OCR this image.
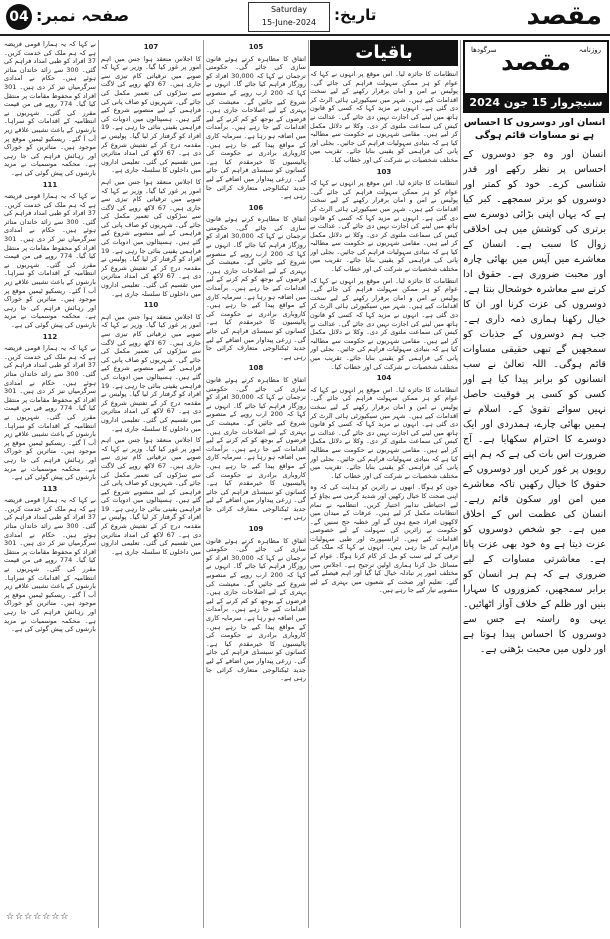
مقصد
04 صفحہ نمبر:	Saturday
15-June-2024	تاریخ:

نے کہا کہ یہ ہمارا قومی فریضہ ہے کہ ہم ملک کی خدمت کریں۔ 37 افراد کو طبی امداد فراہم کی گئی۔ 300 سے زائد خاندان متاثر ہوئے ہیں۔ حکام نے امدادی سرگرمیاں تیز کر دی ہیں۔ 301 افراد کو محفوظ مقامات پر منتقل کیا گیا۔ 774 روپے فی من قیمت مقرر کی گئی۔ شہریوں نے انتظامیہ کے اقدامات کو سراہا۔ بارشوں کے باعث نشیبی علاقے زیر آب آ گئے۔ ریسکیو ٹیمیں موقع پر موجود ہیں۔ متاثرین کو خوراک اور رہائش فراہم کی جا رہی ہے۔ محکمہ موسمیات نے مزید بارشوں کی پیش گوئی کی ہے۔

111

نے کہا کہ یہ ہمارا قومی فریضہ ہے کہ ہم ملک کی خدمت کریں۔ 37 افراد کو طبی امداد فراہم کی گئی۔ 300 سے زائد خاندان متاثر ہوئے ہیں۔ حکام نے امدادی سرگرمیاں تیز کر دی ہیں۔ 301 افراد کو محفوظ مقامات پر منتقل کیا گیا۔ 774 روپے فی من قیمت مقرر کی گئی۔ شہریوں نے انتظامیہ کے اقدامات کو سراہا۔ بارشوں کے باعث نشیبی علاقے زیر آب آ گئے۔ ریسکیو ٹیمیں موقع پر موجود ہیں۔ متاثرین کو خوراک اور رہائش فراہم کی جا رہی ہے۔ محکمہ موسمیات نے مزید بارشوں کی پیش گوئی کی ہے۔

112

نے کہا کہ یہ ہمارا قومی فریضہ ہے کہ ہم ملک کی خدمت کریں۔ 37 افراد کو طبی امداد فراہم کی گئی۔ 300 سے زائد خاندان متاثر ہوئے ہیں۔ حکام نے امدادی سرگرمیاں تیز کر دی ہیں۔ 301 افراد کو محفوظ مقامات پر منتقل کیا گیا۔ 774 روپے فی من قیمت مقرر کی گئی۔ شہریوں نے انتظامیہ کے اقدامات کو سراہا۔ بارشوں کے باعث نشیبی علاقے زیر آب آ گئے۔ ریسکیو ٹیمیں موقع پر موجود ہیں۔ متاثرین کو خوراک اور رہائش فراہم کی جا رہی ہے۔ محکمہ موسمیات نے مزید بارشوں کی پیش گوئی کی ہے۔

113

نے کہا کہ یہ ہمارا قومی فریضہ ہے کہ ہم ملک کی خدمت کریں۔ 37 افراد کو طبی امداد فراہم کی گئی۔ 300 سے زائد خاندان متاثر ہوئے ہیں۔ حکام نے امدادی سرگرمیاں تیز کر دی ہیں۔ 301 افراد کو محفوظ مقامات پر منتقل کیا گیا۔ 774 روپے فی من قیمت مقرر کی گئی۔ شہریوں نے انتظامیہ کے اقدامات کو سراہا۔ بارشوں کے باعث نشیبی علاقے زیر آب آ گئے۔ ریسکیو ٹیمیں موقع پر موجود ہیں۔ متاثرین کو خوراک اور رہائش فراہم کی جا رہی ہے۔ محکمہ موسمیات نے مزید بارشوں کی پیش گوئی کی ہے۔

107

کا اجلاس منعقد ہوا جس میں اہم امور پر غور کیا گیا۔ وزیر نے کہا کہ صوبے میں ترقیاتی کام تیزی سے جاری ہیں۔ 67 لاکھ روپے کی لاگت سے سڑکوں کی تعمیر مکمل کی جائے گی۔ شہریوں کو صاف پانی کی فراہمی کے لیے منصوبے شروع کیے گئے ہیں۔ ہسپتالوں میں ادویات کی فراہمی یقینی بنائی جا رہی ہے۔ 19 افراد کو گرفتار کر لیا گیا۔ پولیس نے مقدمہ درج کر کے تفتیش شروع کر دی ہے۔ 67 لاکھ کی امداد متاثرین میں تقسیم کی گئی۔ تعلیمی اداروں میں داخلوں کا سلسلہ جاری ہے۔

کا اجلاس منعقد ہوا جس میں اہم امور پر غور کیا گیا۔ وزیر نے کہا کہ صوبے میں ترقیاتی کام تیزی سے جاری ہیں۔ 67 لاکھ روپے کی لاگت سے سڑکوں کی تعمیر مکمل کی جائے گی۔ شہریوں کو صاف پانی کی فراہمی کے لیے منصوبے شروع کیے گئے ہیں۔ ہسپتالوں میں ادویات کی فراہمی یقینی بنائی جا رہی ہے۔ 19 افراد کو گرفتار کر لیا گیا۔ پولیس نے مقدمہ درج کر کے تفتیش شروع کر دی ہے۔ 67 لاکھ کی امداد متاثرین میں تقسیم کی گئی۔ تعلیمی اداروں میں داخلوں کا سلسلہ جاری ہے۔

110

کا اجلاس منعقد ہوا جس میں اہم امور پر غور کیا گیا۔ وزیر نے کہا کہ صوبے میں ترقیاتی کام تیزی سے جاری ہیں۔ 67 لاکھ روپے کی لاگت سے سڑکوں کی تعمیر مکمل کی جائے گی۔ شہریوں کو صاف پانی کی فراہمی کے لیے منصوبے شروع کیے گئے ہیں۔ ہسپتالوں میں ادویات کی فراہمی یقینی بنائی جا رہی ہے۔ 19 افراد کو گرفتار کر لیا گیا۔ پولیس نے مقدمہ درج کر کے تفتیش شروع کر دی ہے۔ 67 لاکھ کی امداد متاثرین میں تقسیم کی گئی۔ تعلیمی اداروں میں داخلوں کا سلسلہ جاری ہے۔

کا اجلاس منعقد ہوا جس میں اہم امور پر غور کیا گیا۔ وزیر نے کہا کہ صوبے میں ترقیاتی کام تیزی سے جاری ہیں۔ 67 لاکھ روپے کی لاگت سے سڑکوں کی تعمیر مکمل کی جائے گی۔ شہریوں کو صاف پانی کی فراہمی کے لیے منصوبے شروع کیے گئے ہیں۔ ہسپتالوں میں ادویات کی فراہمی یقینی بنائی جا رہی ہے۔ 19 افراد کو گرفتار کر لیا گیا۔ پولیس نے مقدمہ درج کر کے تفتیش شروع کر دی ہے۔ 67 لاکھ کی امداد متاثرین میں تقسیم کی گئی۔ تعلیمی اداروں میں داخلوں کا سلسلہ جاری ہے۔

105

اتفاق کا مظاہرہ کرتے ہوئے قانون سازی کی جائے گی۔ حکومتی ترجمان نے کہا کہ 30,000 افراد کو روزگار فراہم کیا جائے گا۔ انہوں نے کہا کہ 200 ارب روپے کے منصوبے شروع کیے جائیں گے۔ معیشت کی بہتری کے لیے اصلاحات جاری ہیں۔ قرضوں کے بوجھ کو کم کرنے کے لیے اقدامات کیے جا رہے ہیں۔ برآمدات میں اضافہ ہو رہا ہے۔ سرمایہ کاری کے مواقع پیدا کیے جا رہے ہیں۔ کاروباری برادری نے حکومت کی پالیسیوں کا خیرمقدم کیا ہے۔ کسانوں کو سبسڈی فراہم کی جائے گی۔ زرعی پیداوار میں اضافے کے لیے جدید ٹیکنالوجی متعارف کرائی جا رہی ہے۔

106

اتفاق کا مظاہرہ کرتے ہوئے قانون سازی کی جائے گی۔ حکومتی ترجمان نے کہا کہ 30,000 افراد کو روزگار فراہم کیا جائے گا۔ انہوں نے کہا کہ 200 ارب روپے کے منصوبے شروع کیے جائیں گے۔ معیشت کی بہتری کے لیے اصلاحات جاری ہیں۔ قرضوں کے بوجھ کو کم کرنے کے لیے اقدامات کیے جا رہے ہیں۔ برآمدات میں اضافہ ہو رہا ہے۔ سرمایہ کاری کے مواقع پیدا کیے جا رہے ہیں۔ کاروباری برادری نے حکومت کی پالیسیوں کا خیرمقدم کیا ہے۔ کسانوں کو سبسڈی فراہم کی جائے گی۔ زرعی پیداوار میں اضافے کے لیے جدید ٹیکنالوجی متعارف کرائی جا رہی ہے۔

108

اتفاق کا مظاہرہ کرتے ہوئے قانون سازی کی جائے گی۔ حکومتی ترجمان نے کہا کہ 30,000 افراد کو روزگار فراہم کیا جائے گا۔ انہوں نے کہا کہ 200 ارب روپے کے منصوبے شروع کیے جائیں گے۔ معیشت کی بہتری کے لیے اصلاحات جاری ہیں۔ قرضوں کے بوجھ کو کم کرنے کے لیے اقدامات کیے جا رہے ہیں۔ برآمدات میں اضافہ ہو رہا ہے۔ سرمایہ کاری کے مواقع پیدا کیے جا رہے ہیں۔ کاروباری برادری نے حکومت کی پالیسیوں کا خیرمقدم کیا ہے۔ کسانوں کو سبسڈی فراہم کی جائے گی۔ زرعی پیداوار میں اضافے کے لیے جدید ٹیکنالوجی متعارف کرائی جا رہی ہے۔

109

اتفاق کا مظاہرہ کرتے ہوئے قانون سازی کی جائے گی۔ حکومتی ترجمان نے کہا کہ 30,000 افراد کو روزگار فراہم کیا جائے گا۔ انہوں نے کہا کہ 200 ارب روپے کے منصوبے شروع کیے جائیں گے۔ معیشت کی بہتری کے لیے اصلاحات جاری ہیں۔ قرضوں کے بوجھ کو کم کرنے کے لیے اقدامات کیے جا رہے ہیں۔ برآمدات میں اضافہ ہو رہا ہے۔ سرمایہ کاری کے مواقع پیدا کیے جا رہے ہیں۔ کاروباری برادری نے حکومت کی پالیسیوں کا خیرمقدم کیا ہے۔ کسانوں کو سبسڈی فراہم کی جائے گی۔ زرعی پیداوار میں اضافے کے لیے جدید ٹیکنالوجی متعارف کرائی جا رہی ہے۔

باقیات

انتظامات کا جائزہ لیا۔ اس موقع پر انہوں نے کہا کہ عوام کو ہر ممکن سہولت فراہم کی جائے گی۔ پولیس نے امن و امان برقرار رکھنے کے لیے سخت اقدامات کیے ہیں۔ شہر میں سیکیورٹی ہائی الرٹ کر دی گئی ہے۔ انہوں نے مزید کہا کہ کسی کو قانون ہاتھ میں لینے کی اجازت نہیں دی جائے گی۔ عدالت نے کیس کی سماعت ملتوی کر دی۔ وکلا نے دلائل مکمل کر لیے ہیں۔ مقامی شہریوں نے حکومت سے مطالبہ کیا ہے کہ بنیادی سہولیات فراہم کی جائیں۔ بجلی اور پانی کی فراہمی کو یقینی بنایا جائے۔ تقریب میں مختلف شخصیات نے شرکت کی اور خطاب کیا۔

103

انتظامات کا جائزہ لیا۔ اس موقع پر انہوں نے کہا کہ عوام کو ہر ممکن سہولت فراہم کی جائے گی۔ پولیس نے امن و امان برقرار رکھنے کے لیے سخت اقدامات کیے ہیں۔ شہر میں سیکیورٹی ہائی الرٹ کر دی گئی ہے۔ انہوں نے مزید کہا کہ کسی کو قانون ہاتھ میں لینے کی اجازت نہیں دی جائے گی۔ عدالت نے کیس کی سماعت ملتوی کر دی۔ وکلا نے دلائل مکمل کر لیے ہیں۔ مقامی شہریوں نے حکومت سے مطالبہ کیا ہے کہ بنیادی سہولیات فراہم کی جائیں۔ بجلی اور پانی کی فراہمی کو یقینی بنایا جائے۔ تقریب میں مختلف شخصیات نے شرکت کی اور خطاب کیا۔

انتظامات کا جائزہ لیا۔ اس موقع پر انہوں نے کہا کہ عوام کو ہر ممکن سہولت فراہم کی جائے گی۔ پولیس نے امن و امان برقرار رکھنے کے لیے سخت اقدامات کیے ہیں۔ شہر میں سیکیورٹی ہائی الرٹ کر دی گئی ہے۔ انہوں نے مزید کہا کہ کسی کو قانون ہاتھ میں لینے کی اجازت نہیں دی جائے گی۔ عدالت نے کیس کی سماعت ملتوی کر دی۔ وکلا نے دلائل مکمل کر لیے ہیں۔ مقامی شہریوں نے حکومت سے مطالبہ کیا ہے کہ بنیادی سہولیات فراہم کی جائیں۔ بجلی اور پانی کی فراہمی کو یقینی بنایا جائے۔ تقریب میں مختلف شخصیات نے شرکت کی اور خطاب کیا۔

104

انتظامات کا جائزہ لیا۔ اس موقع پر انہوں نے کہا کہ عوام کو ہر ممکن سہولت فراہم کی جائے گی۔ پولیس نے امن و امان برقرار رکھنے کے لیے سخت اقدامات کیے ہیں۔ شہر میں سیکیورٹی ہائی الرٹ کر دی گئی ہے۔ انہوں نے مزید کہا کہ کسی کو قانون ہاتھ میں لینے کی اجازت نہیں دی جائے گی۔ عدالت نے کیس کی سماعت ملتوی کر دی۔ وکلا نے دلائل مکمل کر لیے ہیں۔ مقامی شہریوں نے حکومت سے مطالبہ کیا ہے کہ بنیادی سہولیات فراہم کی جائیں۔ بجلی اور پانی کی فراہمی کو یقینی بنایا جائے۔ تقریب میں مختلف شخصیات نے شرکت کی اور خطاب کیا۔

جون کو ہوگا۔ انھوں نے زائرین کو ہدایت کی کہ وہ اپنی صحت کا خیال رکھیں اور شدید گرمی سے بچاؤ کے لیے احتیاطی تدابیر اختیار کریں۔ انتظامیہ نے تمام انتظامات مکمل کر لیے ہیں۔ عرفات کے میدان میں لاکھوں افراد جمع ہوں گے اور خطبہ حج سنیں گے۔ حکومت نے زائرین کی سہولت کے لیے خصوصی اقدامات کیے ہیں۔ ٹرانسپورٹ اور طبی سہولیات فراہم کی جا رہی ہیں۔ انہوں نے کہا کہ ملک کی ترقی کے لیے سب کو مل کر کام کرنا ہوگا۔ عوام کے مسائل حل کرنا ہماری اولین ترجیح ہے۔ اجلاس میں مختلف امور پر تبادلہ خیال کیا گیا اور اہم فیصلے کیے گئے۔ تعلیم اور صحت کے شعبوں میں بہتری کے لیے منصوبے تیار کیے جا رہے ہیں۔

روزنامہ
سرگودھا مقصد
سنیچروار 15 جون 2024
انسان اور دوسروں کا احساس ہے تو مساوات قائم ہوگی
انسان اور وہ جو دوسروں کے احساس پر نظر رکھے اور قدر شناسی کرے۔ خود کو کمتر اور دوسروں کو برتر سمجھے۔ کبر کیا ہے کہ یہاں اپنی بڑائی دوسرے سے برتری کی کوشش میں ہی اخلاقی زوال کا سبب ہے۔ انسان کے معاشرے میں آپس میں بھائی چارہ اور محبت ضروری ہے۔ حقوق ادا کرنے سے معاشرہ خوشحال بنتا ہے۔ دوسروں کی عزت کرنا اور ان کا خیال رکھنا ہماری ذمہ داری ہے۔ جب ہم دوسروں کے جذبات کو سمجھیں گے تبھی حقیقی مساوات قائم ہوگی۔ اللہ تعالیٰ نے سب انسانوں کو برابر پیدا کیا ہے اور کسی کو کسی پر فوقیت حاصل نہیں سوائے تقویٰ کے۔ اسلام نے ہمیں بھائی چارے، ہمدردی اور ایک دوسرے کا احترام سکھایا ہے۔ آج ضرورت اس بات کی ہے کہ ہم اپنے رویوں پر غور کریں اور دوسروں کے حقوق کا خیال رکھیں تاکہ معاشرے میں امن اور سکون قائم رہے۔ انسان کی عظمت اس کے اخلاق میں ہے۔ جو شخص دوسروں کو عزت دیتا ہے وہ خود بھی عزت پاتا ہے۔ معاشرتی مساوات کے لیے ضروری ہے کہ ہم ہر انسان کو برابر سمجھیں، کمزوروں کا سہارا بنیں اور ظلم کے خلاف آواز اٹھائیں۔ یہی وہ راستہ ہے جس سے دوسروں کا احساس پیدا ہوتا ہے اور دلوں میں محبت بڑھتی ہے۔
☆☆☆☆☆☆☆
